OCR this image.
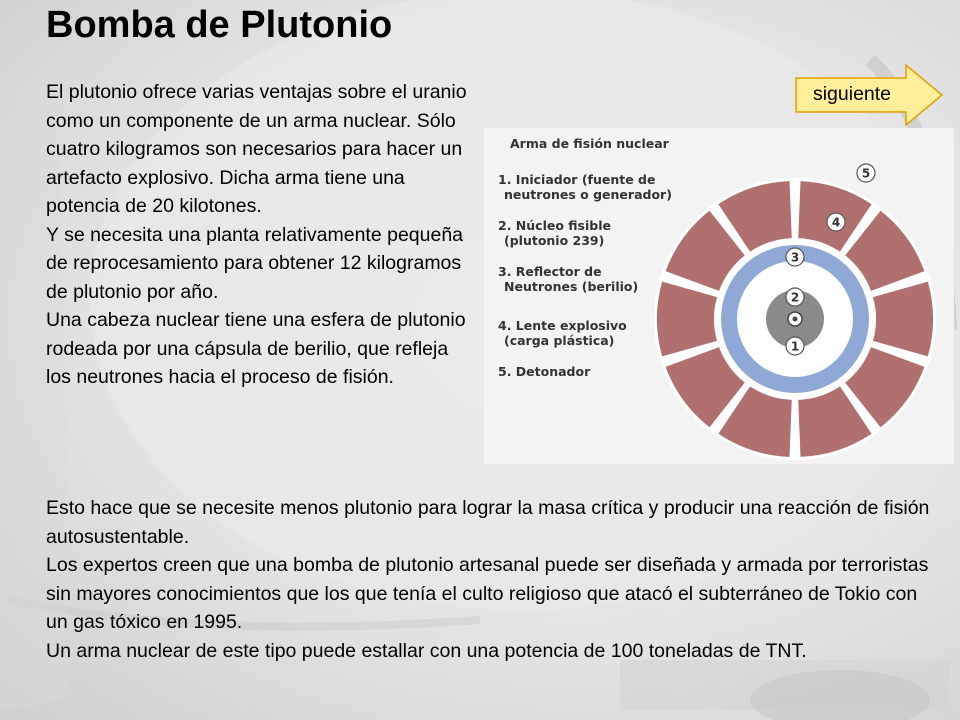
Bomba de Plutonio

El plutonio ofrece varias ventajas sobre el uranio como un componente de un arma nuclear. Sólo cuatro kilogramos son necesarios para hacer un artefacto explosivo. Dicha arma tiene una potencia de 20 kilotones.

Y se necesita una planta relativamente pequeña de reprocesamiento para obtener 12 kilogramos de plutonio por año.

Una cabeza nuclear tiene una esfera de plutonio rodeada por una cápsula de berilio, que refleja los neutrones hacia el proceso de fisión.

siguiente
Arma de fisión nuclear
1. Iniciador (fuente de
neutrones o generador)
2. Núcleo fisible
(plutonio 239)
3. Reflector de
Neutrones (berilio)
4. Lente explosivo
(carga plástica)
5. Detonador
1
2
3
4
5

Esto hace que se necesite menos plutonio para lograr la masa crítica y producir una reacción de fisión autosustentable.

Los expertos creen que una bomba de plutonio artesanal puede ser diseñada y armada por terroristas sin mayores conocimientos que los que tenía el culto religioso que atacó el subterráneo de Tokio con un gas tóxico en 1995.

Un arma nuclear de este tipo puede estallar con una potencia de 100 toneladas de TNT.
